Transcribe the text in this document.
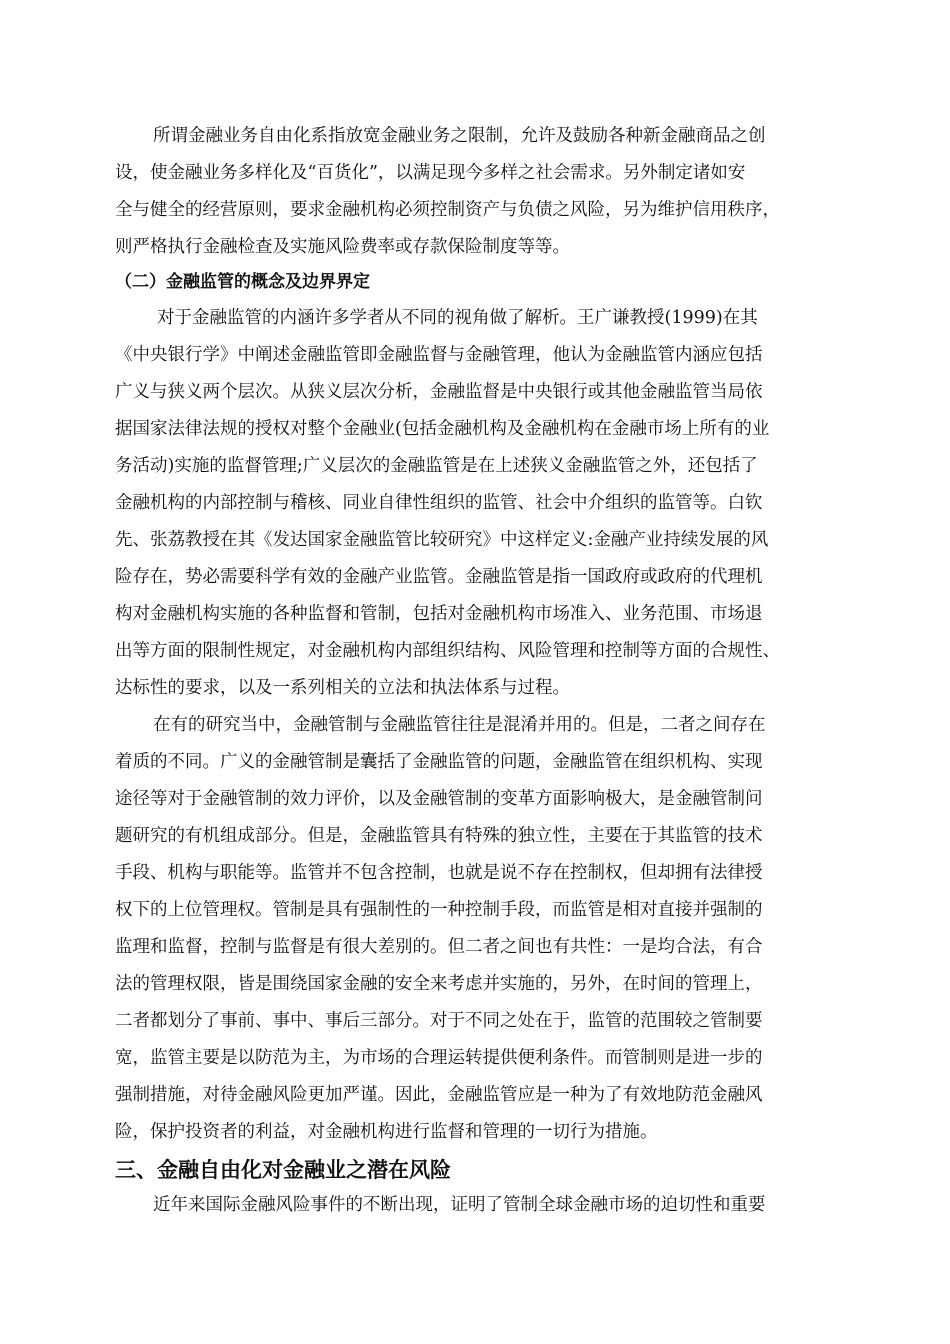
所谓金融业务自由化系指放宽金融业务之限制，允许及鼓励各种新金融商品之创
设，使金融业务多样化及“百货化”，以满足现今多样之社会需求。另外制定诸如安
全与健全的经营原则，要求金融机构必须控制资产与负债之风险，另为维护信用秩序，
则严格执行金融检查及实施风险费率或存款保险制度等等。
（二）金融监管的概念及边界界定
对于金融监管的内涵许多学者从不同的视角做了解析。王广谦教授(1999)在其
《中央银行学》中阐述金融监管即金融监督与金融管理，他认为金融监管内涵应包括
广义与狭义两个层次。从狭义层次分析，金融监督是中央银行或其他金融监管当局依
据国家法律法规的授权对整个金融业(包括金融机构及金融机构在金融市场上所有的业
务活动)实施的监督管理;广义层次的金融监管是在上述狭义金融监管之外，还包括了
金融机构的内部控制与稽核、同业自律性组织的监管、社会中介组织的监管等。白钦
先、张荔教授在其《发达国家金融监管比较研究》中这样定义:金融产业持续发展的风
险存在，势必需要科学有效的金融产业监管。金融监管是指一国政府或政府的代理机
构对金融机构实施的各种监督和管制，包括对金融机构市场准入、业务范围、市场退
出等方面的限制性规定，对金融机构内部组织结构、风险管理和控制等方面的合规性、
达标性的要求，以及一系列相关的立法和执法体系与过程。
在有的研究当中，金融管制与金融监管往往是混淆并用的。但是，二者之间存在
着质的不同。广义的金融管制是囊括了金融监管的问题，金融监管在组织机构、实现
途径等对于金融管制的效力评价，以及金融管制的变革方面影响极大，是金融管制问
题研究的有机组成部分。但是，金融监管具有特殊的独立性，主要在于其监管的技术
手段、机构与职能等。监管并不包含控制，也就是说不存在控制权，但却拥有法律授
权下的上位管理权。管制是具有强制性的一种控制手段，而监管是相对直接并强制的
监理和监督，控制与监督是有很大差别的。但二者之间也有共性：一是均合法，有合
法的管理权限，皆是围绕国家金融的安全来考虑并实施的，另外，在时间的管理上，
二者都划分了事前、事中、事后三部分。对于不同之处在于，监管的范围较之管制要
宽，监管主要是以防范为主，为市场的合理运转提供便利条件。而管制则是进一步的
强制措施，对待金融风险更加严谨。因此，金融监管应是一种为了有效地防范金融风
险，保护投资者的利益，对金融机构进行监督和管理的一切行为措施。
三、金融自由化对金融业之潜在风险
近年来国际金融风险事件的不断出现，证明了管制全球金融市场的迫切性和重要
